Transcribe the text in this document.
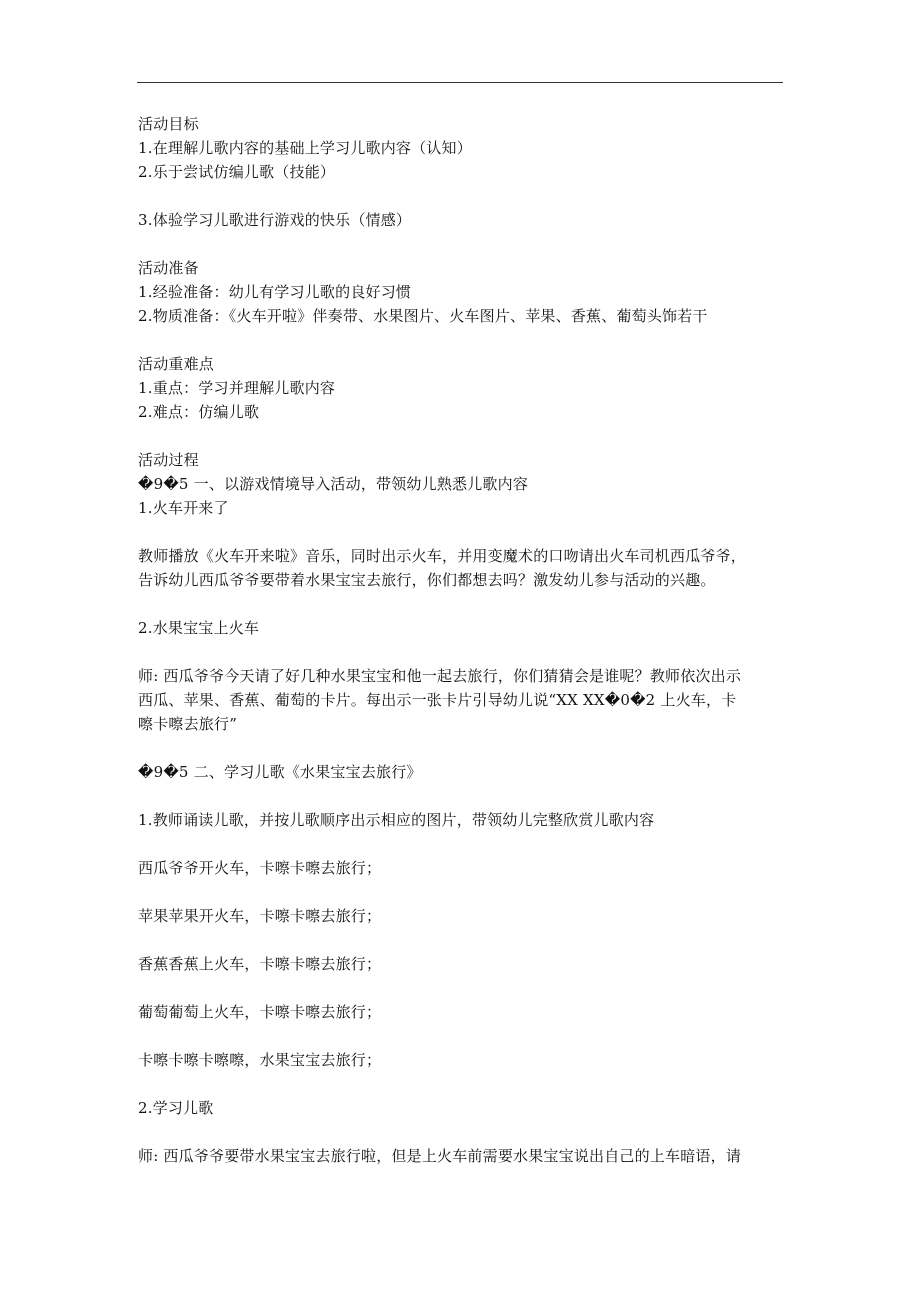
活动目标
1.在理解儿歌内容的基础上学习儿歌内容（认知）
2.乐于尝试仿编儿歌（技能）
3.体验学习儿歌进行游戏的快乐（情感）
活动准备
1.经验准备：幼儿有学习儿歌的良好习惯
2.物质准备：《火车开啦》伴奏带、水果图片、火车图片、苹果、香蕉、葡萄头饰若干
活动重难点
1.重点：学习并理解儿歌内容
2.难点：仿编儿歌
活动过程
�9�5 一、以游戏情境导入活动，带领幼儿熟悉儿歌内容
1.火车开来了
教师播放《火车开来啦》音乐，同时出示火车，并用变魔术的口吻请出火车司机西瓜爷爷，
告诉幼儿西瓜爷爷要带着水果宝宝去旅行，你们都想去吗？激发幼儿参与活动的兴趣。
2.水果宝宝上火车
师: 西瓜爷爷今天请了好几种水果宝宝和他一起去旅行，你们猜猜会是谁呢？教师依次出示
西瓜、苹果、香蕉、葡萄的卡片。每出示一张卡片引导幼儿说“XX XX�0�2 上火车，卡
嚓卡嚓去旅行”
�9�5 二、学习儿歌《水果宝宝去旅行》
1.教师诵读儿歌，并按儿歌顺序出示相应的图片，带领幼儿完整欣赏儿歌内容
西瓜爷爷开火车，卡嚓卡嚓去旅行；
苹果苹果开火车，卡嚓卡嚓去旅行；
香蕉香蕉上火车，卡嚓卡嚓去旅行；
葡萄葡萄上火车，卡嚓卡嚓去旅行；
卡嚓卡嚓卡嚓嚓，水果宝宝去旅行；
2.学习儿歌
师: 西瓜爷爷要带水果宝宝去旅行啦，但是上火车前需要水果宝宝说出自己的上车暗语，请
